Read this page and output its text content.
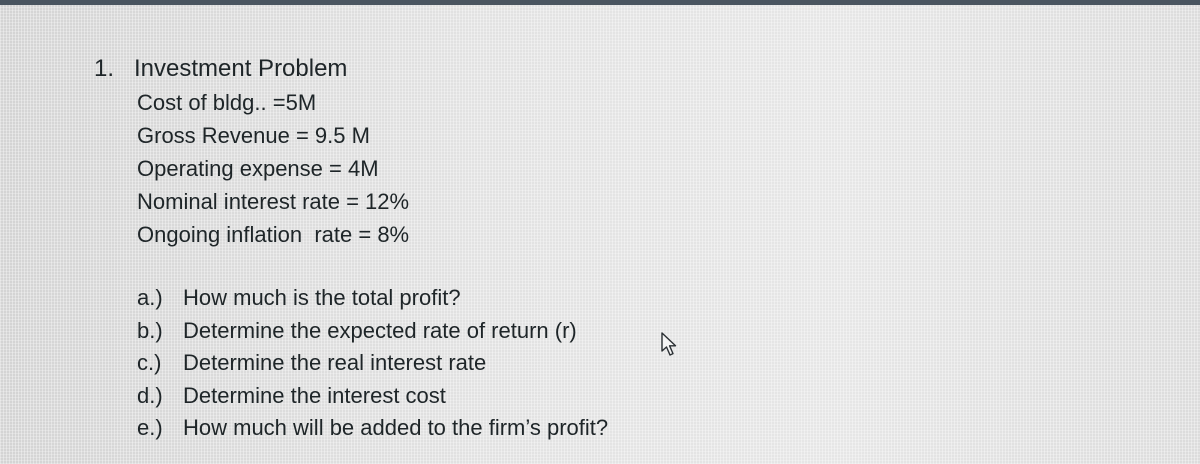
1. Investment Problem
Cost of bldg.. =5M
Gross Revenue = 9.5 M
Operating expense = 4M
Nominal interest rate = 12%
Ongoing inflation  rate = 8%
a.) How much is the total profit?
b.) Determine the expected rate of return (r)
c.) Determine the real interest rate
d.) Determine the interest cost
e.) How much will be added to the firm’s profit?
